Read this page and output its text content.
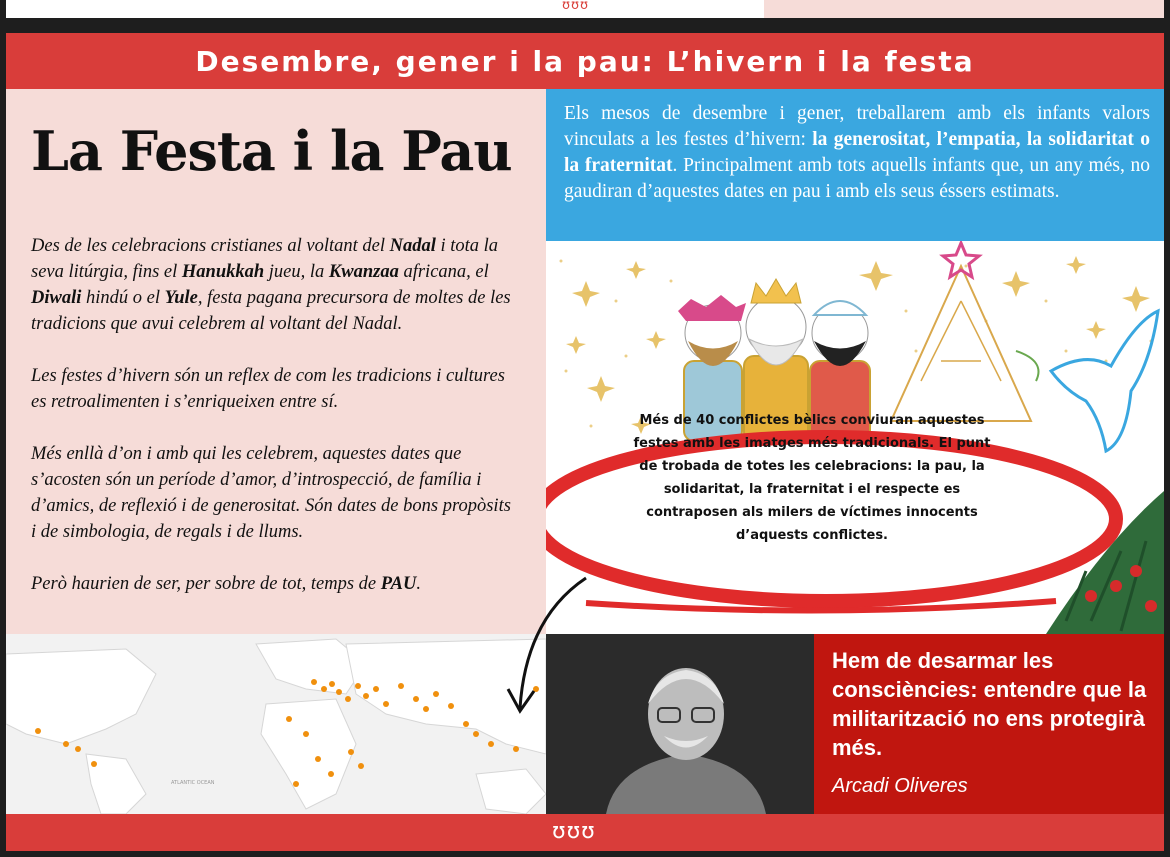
ʊʊʊ
Desembre, gener i la pau: L’hivern i la festa
La Festa i la Pau

Des de les celebracions cristianes al voltant del Nadal i tota la seva litúrgia, fins el Hanukkah jueu, la Kwanzaa africana, el Diwali hindú o el Yule, festa pagana precursora de moltes de les tradicions que avui celebrem al voltant del Nadal.

Les festes d’hivern són un reflex de com les tradicions i cultures es retroalimenten i s’enriqueixen entre sí.

Més enllà d’on i amb qui les celebrem, aquestes dates que s’acosten són un període d’amor, d’introspecció, de família i d’amics, de reflexió i de generositat. Són dates de bons propòsits i de simbologia, de regals i de llums.

Però haurien de ser, per sobre de tot, temps de PAU.

Els mesos de desembre i gener, treballarem amb els infants valors vinculats a les festes d’hivern: la generositat, l’empatia, la solidaritat o la fraternitat. Principalment amb tots aquells infants que, un any més, no gaudiran d’aquestes dates en pau i amb els seus éssers estimats.

ATLANTIC OCEAN

Hem de desarmar les consciències: entendre que la militarització no ens protegirà més.

Arcadi Oliveres
ʊʊʊ

Més de 40 conflictes bèlics conviuran aquestes festes amb les imatges més tradicionals. El punt de trobada de totes les celebracions: la pau, la solidaritat, la fraternitat i el respecte es contraposen als milers de víctimes innocents d’aquests conflictes.
